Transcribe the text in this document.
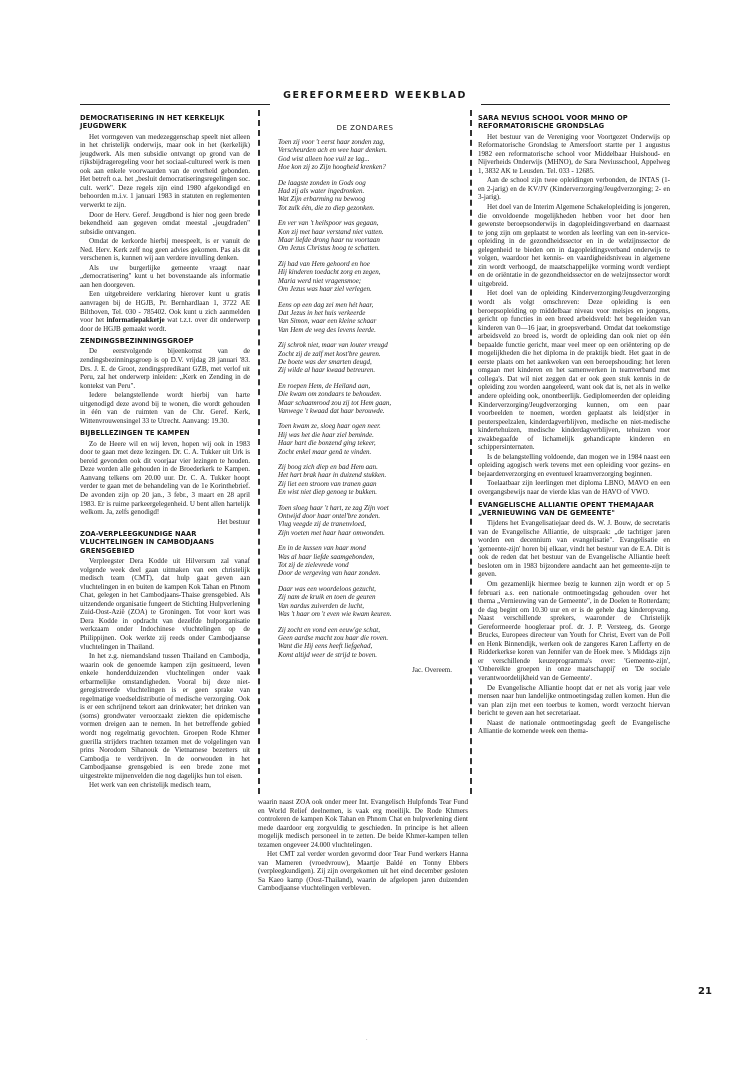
GEREFORMEERD WEEKBLAD
DEMOCRATISERING IN HET KERKELIJK JEUGDWERK

Het vormgeven van medezeggenschap speelt niet alleen in het christelijk onderwijs, maar ook in het (kerkelijk) jeugdwerk. Als men subsidie ontvangt op grond van de rijksbijdrageregeling voor het sociaal-cultureel werk is men ook aan enkele voorwaarden van de overheid gebonden. Het betreft o.a. het „besluit democratiseringsregelingen soc. cult. werk". Deze regels zijn eind 1980 afgekondigd en behoorden m.i.v. 1 januari 1983 in statuten en reglementen verwerkt te zijn.

Door de Herv. Geref. Jeugdbond is hier nog geen brede bekendheid aan gegeven omdat meestal „jeugdraden" subsidie ontvangen.

Omdat de kerkorde hierbij meespeelt, is er vanuit de Ned. Herv. Kerk zelf nog geen advies gekomen. Pas als dit verschenen is, kunnen wij aan verdere invulling denken.

Als uw burgerlijke gemeente vraagt naar „democratisering" kunt u het bovenstaande als informatie aan hen doorgeven.

Een uitgebreidere verklaring hierover kunt u gratis aanvragen bij de HGJB, Pr. Bernhardlaan 1, 3722 AE Bilthoven, Tel. 030 - 785402. Ook kunt u zich aanmelden voor het informatiepakketje wat t.z.t. over dit onderwerp door de HGJB gemaakt wordt.

ZENDINGSBEZINNINGSGROEP

De eerstvolgende bijeenkomst van de zendingsbezinningsgroep is op D.V. vrijdag 28 januari '83. Drs. J. E. de Groot, zendingspredikant GZB, met verlof uit Peru, zal het onderwerp inleiden: „Kerk en Zending in de kontekst van Peru".

Iedere belangstellende wordt hierbij van harte uitgenodigd deze avond bij te wonen, die wordt gehouden in één van de ruimten van de Chr. Geref. Kerk, Wittenvrouwensingel 33 te Utrecht. Aanvang: 19.30.

BIJBELLEZINGEN TE KAMPEN

Zo de Heere wil en wij leven, hopen wij ook in 1983 door te gaan met deze lezingen. Dr. C. A. Tukker uit Urk is bereid gevonden ook dit voorjaar vier lezingen te houden. Deze worden alle gehouden in de Broederkerk te Kampen. Aanvang telkens om 20.00 uur. Dr. C. A. Tukker hoopt verder te gaan met de behandeling van de 1e Korinthebrief. De avonden zijn op 20 jan., 3 febr., 3 maart en 28 april 1983. Er is ruime parkeergelegenheid. U bent allen hartelijk welkom. Ja, zelfs genodigd!

Het bestuur

ZOA-VERPLEEGKUNDIGE NAAR VLUCHTELINGEN IN CAMBODJAANS GRENSGEBIED

Verpleegster Dera Kodde uit Hilversum zal vanaf volgende week deel gaan uitmaken van een christelijk medisch team (CMT), dat hulp gaat geven aan vluchtelingen in en buiten de kampen Kok Tahan en Phnom Chat, gelegen in het Cambodjaans-Thaise grensgebied. Als uitzendende organisatie fungeert de Stichting Hulpverlening Zuid-Oost-Azië (ZOA) te Groningen. Tot voor kort was Dera Kodde in opdracht van dezelfde hulporganisatie werkzaam onder Indochinese vluchtelingen op de Philippijnen. Ook werkte zij reeds onder Cambodjaanse vluchtelingen in Thailand.

In het z.g. niemandsland tussen Thailand en Cambodja, waarin ook de genoemde kampen zijn gesitueerd, leven enkele honderdduizenden vluchtelingen onder vaak erbarmelijke omstandigheden. Vooral bij deze niet-geregistreerde vluchtelingen is er geen sprake van regelmatige voedseldistributie of medische verzorging. Ook is er een schrijnend tekort aan drinkwater; het drinken van (soms) grondwater veroorzaakt ziekten die epidemische vormen dreigen aan te nemen. In het betreffende gebied wordt nog regelmatig gevochten. Groepen Rode Khmer guerilla strijders trachten tezamen met de volgelingen van prins Norodom Sihanouk de Vietnamese bezetters uit Cambodja te verdrijven. In de oorwouden in het Cambodjaanse grensgebied is een brede zone met uitgestrekte mijnenvelden die nog dagelijks hun tol eisen.

Het werk van een christelijk medisch team,

DE ZONDARES
Toen zij voor 't eerst haar zonden zag,
Verscheurden ach en wee haar denken.
God wist alleen hoe vuil ze lag...
Hoe kon zij zo Zijn hoogheid krenken?
De laagste zonden in Gods oog
Had zij als water ingedronken.
Wat Zijn erbarming nu bewoog
Tot zulk één, die zo diep gezonken.
En ver van 't heilspoor was gegaan,
Kon zij met haar verstand niet vatten.
Maar liefde drong haar nu voortaan
Om Jezus Christus hoog te schatten.
Zij had van Hem gehoord en hoe
Hij kinderen toedacht zorg en zegen,
Maria werd niet vragensmoe;
Om Jezus was haar ziel verlegen.
Eens op een dag zei men hét haar,
Dat Jezus in het huis verkeerde
Van Simon, waar een kleine schaar
Van Hem de weg des levens leerde.
Zij schrok niet, maar van louter vreugd
Zocht zij de zalf met kost'bre geuren.
De boete was der smarten deugd,
Zij wilde al haar kwaad betreuren.
En roepen Hem, de Heiland aan,
Die kwam om zondaars te behouden.
Maar schaamrood zou zij tot Hem gaan,
Vanwege 't kwaad dat haar berouwde.
Toen kwam ze, sloeg haar ogen neer.
Hij was het die haar ziel beminde.
Haar hart die bonzend ging tekeer,
Zocht enkel maar genâ te vinden.
Zij boog zich diep en bad Hem aan.
Het hart brak haar in duizend stukken.
Zij liet een stroom van tranen gaan
En wist niet diep genoeg te bukken.
Toen sloeg haar 't hart, ze zag Zijn voet
Ontwijd door haar ontel'bre zonden.
Vlug veegde zij de tranenvloed,
Zijn voeten met haar haar omwonden.
En in de kussen van haar mond
Was al haar liefde saamgebonden,
Tot zij de zielevrede vond
Door de vergeving van haar zonden.
Daar was een woordeloos gezucht,
Zij nam de kruik en toen de geuren
Van nardus zuiverden de lucht,
Was 't haar om 't even wie kwam keuren.
Zij zocht en vond een eeuw'ge schat,
Geen aardse macht zou haar die roven.
Want die Hij eens heeft liefgehad,
Komt altijd weer de strijd te boven.
Jac. Overeem.

waarin naast ZOA ook onder meer Int. Evangelisch Hulpfonds Tear Fund en World Relief deelnemen, is vaak erg moeilijk. De Rode Khmers controleren de kampen Kok Tahan en Phnom Chat en hulpverlening dient mede daardoor erg zorgvuldig te geschieden. In principe is het alleen mogelijk medisch personeel in te zetten. De beide Khmer-kampen tellen tezamen ongeveer 24.000 vluchtelingen.

Het CMT zal verder worden gevormd door Tear Fund werkers Hanna van Mameren (vroedvrouw), Maartje Baldé en Tonny Ebbers (verpleegkundigen). Zij zijn overgekomen uit het eind december gesloten Sa Kaeo kamp (Oost-Thailand), waarin de afgelopen jaren duizenden Cambodjaanse vluchtelingen verbleven.

SARA NEVIUS SCHOOL VOOR MHNO OP REFORMATORISCHE GRONDSLAG

Het bestuur van de Vereniging voor Voortgezet Onderwijs op Reformatorische Grondslag te Amersfoort startte per 1 augustus 1982 een reformatorische school voor Middelbaar Huishoud- en Nijverheids Onderwijs (MHNO), de Sara Neviusschool, Appelweg 1, 3832 AK te Leusden. Tel. 033 - 12685.

Aan de school zijn twee opleidingen verbonden, de INTAS (1- en 2-jarig) en de KV/JV (Kinderverzorging/Jeugdverzorging; 2- en 3-jarig).

Het doel van de Interim Algemene Schakelopleiding is jongeren, die onvoldoende mogelijkheden hebben voor het door hen gewenste beroepsonderwijs in dagopleidingsverband en daarnaast te jong zijn om geplaatst te worden als leerling van een in-service-opleiding in de gezondheidssector en in de welzijnssector de gelegenheid te bieden om in dagopleidingsverband onderwijs te volgen, waardoor het kennis- en vaardigheidsniveau in algemene zin wordt verhoogd, de maatschappelijke vorming wordt verdiept en de oriëntatie in de gezondheidssector en de welzijnssector wordt uitgebreid.

Het doel van de opleiding Kinderverzorging/Jeugdverzorging wordt als volgt omschreven: Deze opleiding is een beroepsopleiding op middelbaar niveau voor meisjes en jongens, gericht op functies in een breed arbeidsveld: het begeleiden van kinderen van 0—16 jaar, in groepsverband. Omdat dat toekomstige arbeidsveld zo breed is, wordt de opleiding dan ook niet op één bepaalde functie gericht, maar veel meer op een oriëntering op de mogelijkheden die het diploma in de praktijk biedt. Het gaat in de eerste plaats om het aankweken van een beroepshouding: het leren omgaan met kinderen en het samenwerken in teamverband met collega's. Dat wil niet zeggen dat er ook geen stuk kennis in de opleiding zou worden aangeleerd, want ook dat is, net als in welke andere opleiding ook, onontbeerlijk. Gediplomeerden der opleiding Kinderverzorging/Jeugdverzorging kunnen, om een paar voorbeelden te noemen, worden geplaatst als leid(st)er in peuterspeelzalen, kinderdagverblijven, medische en niet-medische kindertehuizen, medische kinderdagverblijven, tehuizen voor zwakbegaafde of lichamelijk gehandicapte kinderen en schippersinternaten.

Is de belangstelling voldoende, dan mogen we in 1984 naast een opleiding agogisch werk tevens met een opleiding voor gezins- en bejaardenverzorging en eventueel kraamverzorging beginnen.

Toelaatbaar zijn leerlingen met diploma LBNO, MAVO en een overgangsbewijs naar de vierde klas van de HAVO of VWO.

EVANGELISCHE ALLIANTIE OPENT THEMAJAAR „VERNIEUWING VAN DE GEMEENTE"

Tijdens het Evangelisatiejaar deed ds. W. J. Bouw, de secretaris van de Evangelische Alliantie, de uitspraak: „de tachtiger jaren worden een decennium van evangelisatie". Evangelisatie en 'gemeente-zijn' horen bij elkaar, vindt het bestuur van de E.A. Dit is ook de reden dat het bestuur van de Evangelische Alliantie heeft besloten om in 1983 bijzondere aandacht aan het gemeente-zijn te geven.

Om gezamenlijk hiermee bezig te kunnen zijn wordt er op 5 februari a.s. een nationale ontmoetingsdag gehouden over het thema „Vernieuwing van de Gemeente", in de Doelen te Rotterdam; de dag begint om 10.30 uur en er is de gehele dag kinderopvang. Naast verschillende sprekers, waaronder de Christelijk Gereformeerde hoogleraar prof. dr. J. P. Versteeg, ds. George Brucks, Europees directeur van Youth for Christ, Evert van de Poll en Henk Binnendijk, werken ook de zangeres Karen Lafferty en de Ridderkerkse koren van Jennifer van de Hoek mee. 's Middags zijn er verschillende keuzeprogramma's over: 'Gemeente-zijn', 'Onbereikte groepen in onze maatschappij' en 'De sociale verantwoordelijkheid van de Gemeente'.

De Evangelische Alliantie hoopt dat er net als vorig jaar vele mensen naar hun landelijke ontmoetingsdag zullen komen. Hun die van plan zijn met een toerbus te komen, wordt verzocht hiervan bericht te geven aan het secretariaat.

Naast de nationale ontmoetingsdag geeft de Evangelische Alliantie de komende week een thema-

21
.
